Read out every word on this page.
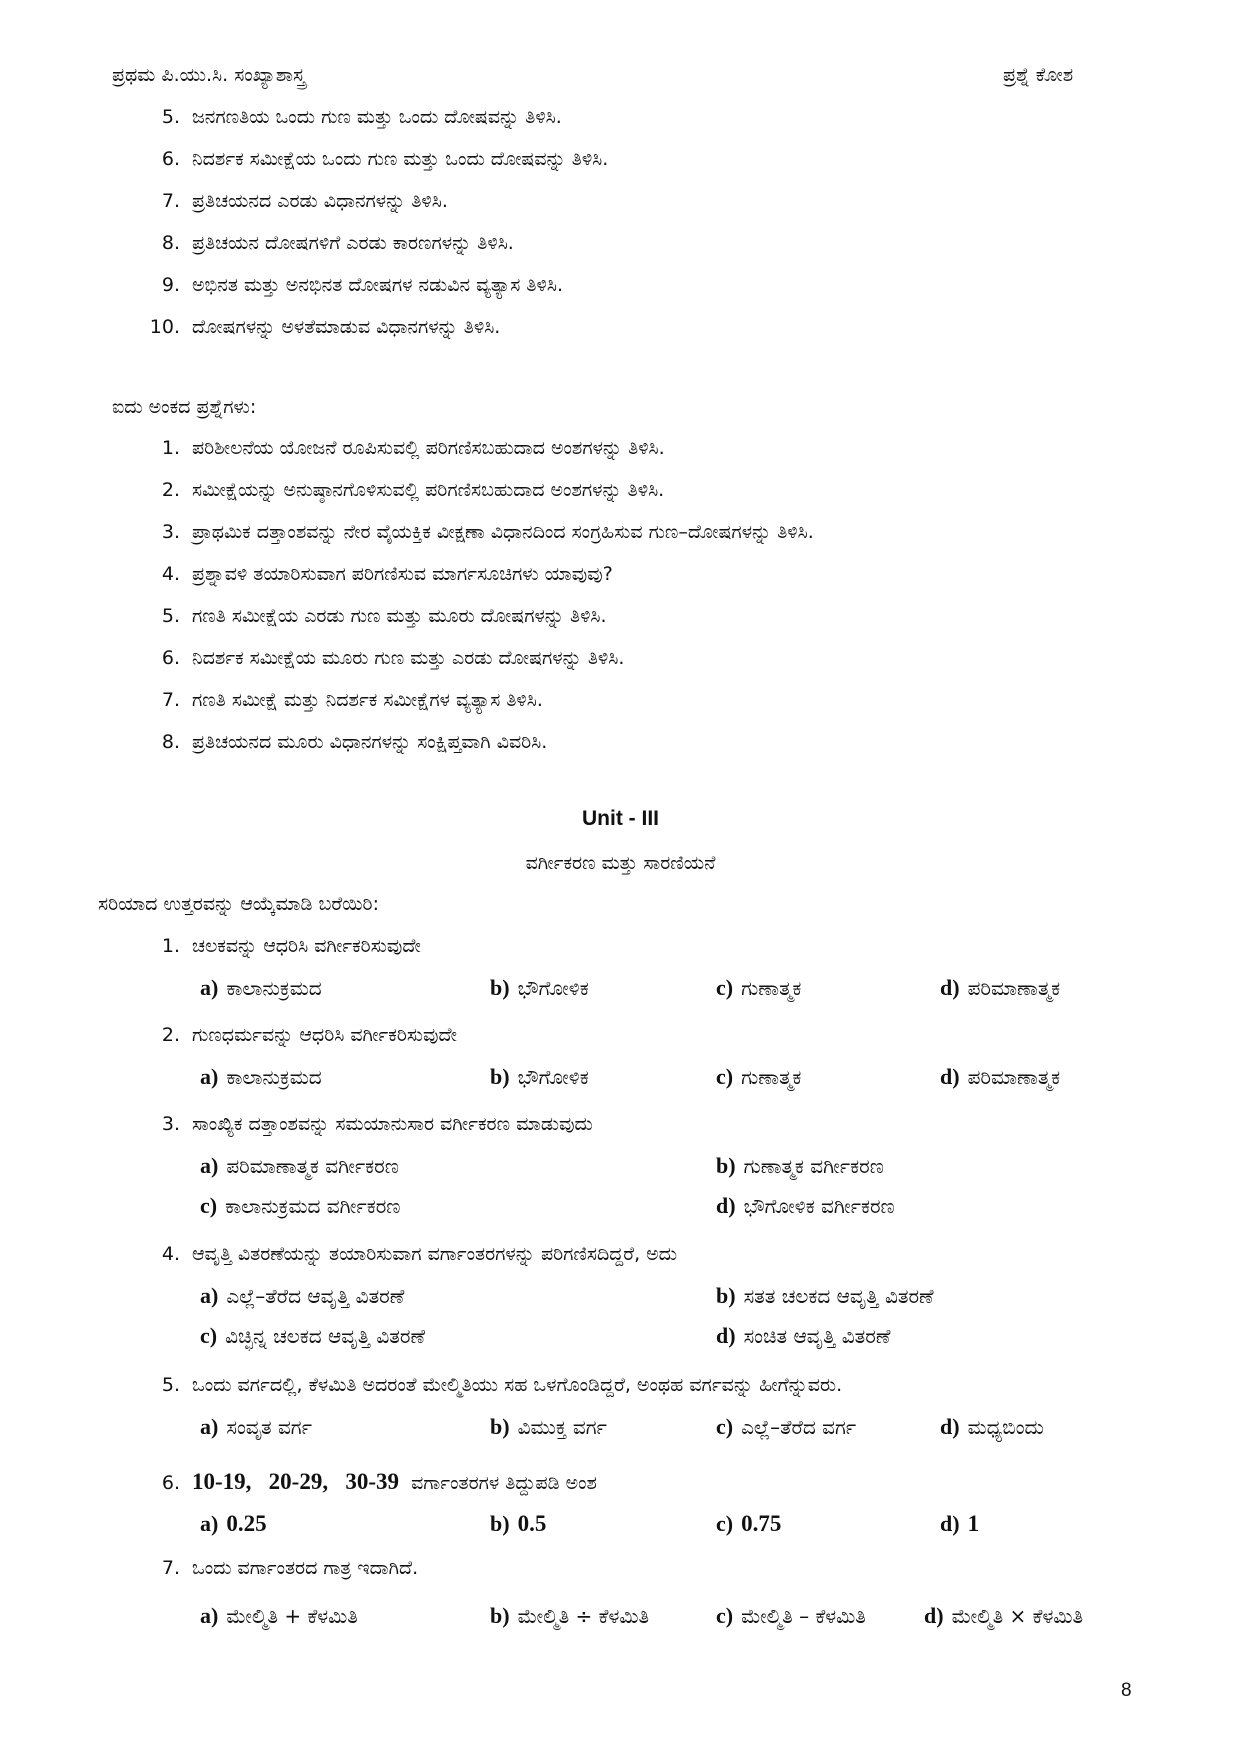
ಪ್ರಥಮ ಪಿ.ಯು.ಸಿ. ಸಂಖ್ಯಾಶಾಸ್ತ್ರ	ಪ್ರಶ್ನೆ ಕೋಶ
5. ಜನಗಣತಿಯ ಒಂದು ಗುಣ ಮತ್ತು ಒಂದು ದೋಷವನ್ನು ತಿಳಿಸಿ.
6. ನಿದರ್ಶಕ ಸಮೀಕ್ಷೆಯ ಒಂದು ಗುಣ ಮತ್ತು ಒಂದು ದೋಷವನ್ನು ತಿಳಿಸಿ.
7. ಪ್ರತಿಚಯನದ ಎರಡು ವಿಧಾನಗಳನ್ನು ತಿಳಿಸಿ.
8. ಪ್ರತಿಚಯನ ದೋಷಗಳಿಗೆ ಎರಡು ಕಾರಣಗಳನ್ನು ತಿಳಿಸಿ.
9. ಅಭಿನತ ಮತ್ತು ಅನಭಿನತ ದೋಷಗಳ ನಡುವಿನ ವ್ಯತ್ಯಾಸ ತಿಳಿಸಿ.
10. ದೋಷಗಳನ್ನು ಅಳತೆಮಾಡುವ ವಿಧಾನಗಳನ್ನು ತಿಳಿಸಿ.
ಐದು ಅಂಕದ ಪ್ರಶ್ನೆಗಳು:
1. ಪರಿಶೀಲನೆಯ ಯೋಜನೆ ರೂಪಿಸುವಲ್ಲಿ ಪರಿಗಣಿಸಬಹುದಾದ ಅಂಶಗಳನ್ನು ತಿಳಿಸಿ.
2. ಸಮೀಕ್ಷೆಯನ್ನು ಅನುಷ್ಠಾನಗೊಳಿಸುವಲ್ಲಿ ಪರಿಗಣಿಸಬಹುದಾದ ಅಂಶಗಳನ್ನು ತಿಳಿಸಿ.
3. ಪ್ರಾಥಮಿಕ ದತ್ತಾಂಶವನ್ನು ನೇರ ವೈಯಕ್ತಿಕ ವೀಕ್ಷಣಾ ವಿಧಾನದಿಂದ ಸಂಗ್ರಹಿಸುವ ಗುಣ–ದೋಷಗಳನ್ನು ತಿಳಿಸಿ.
4. ಪ್ರಶ್ನಾವಳಿ ತಯಾರಿಸುವಾಗ ಪರಿಗಣಿಸುವ ಮಾರ್ಗಸೂಚಿಗಳು ಯಾವುವು?
5. ಗಣತಿ ಸಮೀಕ್ಷೆಯ ಎರಡು ಗುಣ ಮತ್ತು ಮೂರು ದೋಷಗಳನ್ನು ತಿಳಿಸಿ.
6. ನಿದರ್ಶಕ ಸಮೀಕ್ಷೆಯ ಮೂರು ಗುಣ ಮತ್ತು ಎರಡು ದೋಷಗಳನ್ನು ತಿಳಿಸಿ.
7. ಗಣತಿ ಸಮೀಕ್ಷೆ ಮತ್ತು ನಿದರ್ಶಕ ಸಮೀಕ್ಷೆಗಳ ವ್ಯತ್ಯಾಸ ತಿಳಿಸಿ.
8. ಪ್ರತಿಚಯನದ ಮೂರು ವಿಧಾನಗಳನ್ನು ಸಂಕ್ಷಿಪ್ತವಾಗಿ ವಿವರಿಸಿ.
Unit - III
ವರ್ಗೀಕರಣ ಮತ್ತು ಸಾರಣಿಯನೆ
ಸರಿಯಾದ ಉತ್ತರವನ್ನು ಆಯ್ಕೆಮಾಡಿ ಬರೆಯಿರಿ:
1. ಚಲಕವನ್ನು ಆಧರಿಸಿ ವರ್ಗೀಕರಿಸುವುದೇ
a) ಕಾಲಾನುಕ್ರಮದ	b) ಭೌಗೋಳಿಕ	c) ಗುಣಾತ್ಮಕ	d) ಪರಿಮಾಣಾತ್ಮಕ
2. ಗುಣಧರ್ಮವನ್ನು ಆಧರಿಸಿ ವರ್ಗೀಕರಿಸುವುದೇ
a) ಕಾಲಾನುಕ್ರಮದ	b) ಭೌಗೋಳಿಕ	c) ಗುಣಾತ್ಮಕ	d) ಪರಿಮಾಣಾತ್ಮಕ
3. ಸಾಂಖ್ಯಿಕ ದತ್ತಾಂಶವನ್ನು ಸಮಯಾನುಸಾರ ವರ್ಗೀಕರಣ ಮಾಡುವುದು
a) ಪರಿಮಾಣಾತ್ಮಕ ವರ್ಗೀಕರಣ	b) ಗುಣಾತ್ಮಕ ವರ್ಗೀಕರಣ
c) ಕಾಲಾನುಕ್ರಮದ ವರ್ಗೀಕರಣ	d) ಭೌಗೋಳಿಕ ವರ್ಗೀಕರಣ
4. ಆವೃತ್ತಿ ವಿತರಣೆಯನ್ನು ತಯಾರಿಸುವಾಗ ವರ್ಗಾಂತರಗಳನ್ನು ಪರಿಗಣಿಸದಿದ್ದರೆ, ಅದು
a) ಎಲ್ಲೆ–ತೆರೆದ ಆವೃತ್ತಿ ವಿತರಣೆ	b) ಸತತ ಚಲಕದ ಆವೃತ್ತಿ ವಿತರಣೆ
c) ವಿಚ್ಛಿನ್ನ ಚಲಕದ ಆವೃತ್ತಿ ವಿತರಣೆ	d) ಸಂಚಿತ ಆವೃತ್ತಿ ವಿತರಣೆ
5. ಒಂದು ವರ್ಗದಲ್ಲಿ, ಕೆಳಮಿತಿ ಅದರಂತೆ ಮೇಲ್ಮಿತಿಯು ಸಹ ಒಳಗೊಂಡಿದ್ದರೆ, ಅಂಥಹ ವರ್ಗವನ್ನು ಹೀಗೆನ್ನುವರು.
a) ಸಂವೃತ ವರ್ಗ	b) ವಿಮುಕ್ತ ವರ್ಗ	c) ಎಲ್ಲೆ–ತೆರೆದ ವರ್ಗ	d) ಮಧ್ಯಬಿಂದು
6. 10-19,   20-29,   30-39 ವರ್ಗಾಂತರಗಳ ತಿದ್ದುಪಡಿ ಅಂಶ
a) 0.25	b) 0.5	c) 0.75	d) 1
7. ಒಂದು ವರ್ಗಾಂತರದ ಗಾತ್ರ ಇದಾಗಿದೆ.
a) ಮೇಲ್ಮಿತಿ + ಕೆಳಮಿತಿ	b) ಮೇಲ್ಮಿತಿ ÷ ಕೆಳಮಿತಿ	c) ಮೇಲ್ಮಿತಿ – ಕೆಳಮಿತಿ	d) ಮೇಲ್ಮಿತಿ × ಕೆಳಮಿತಿ
8
